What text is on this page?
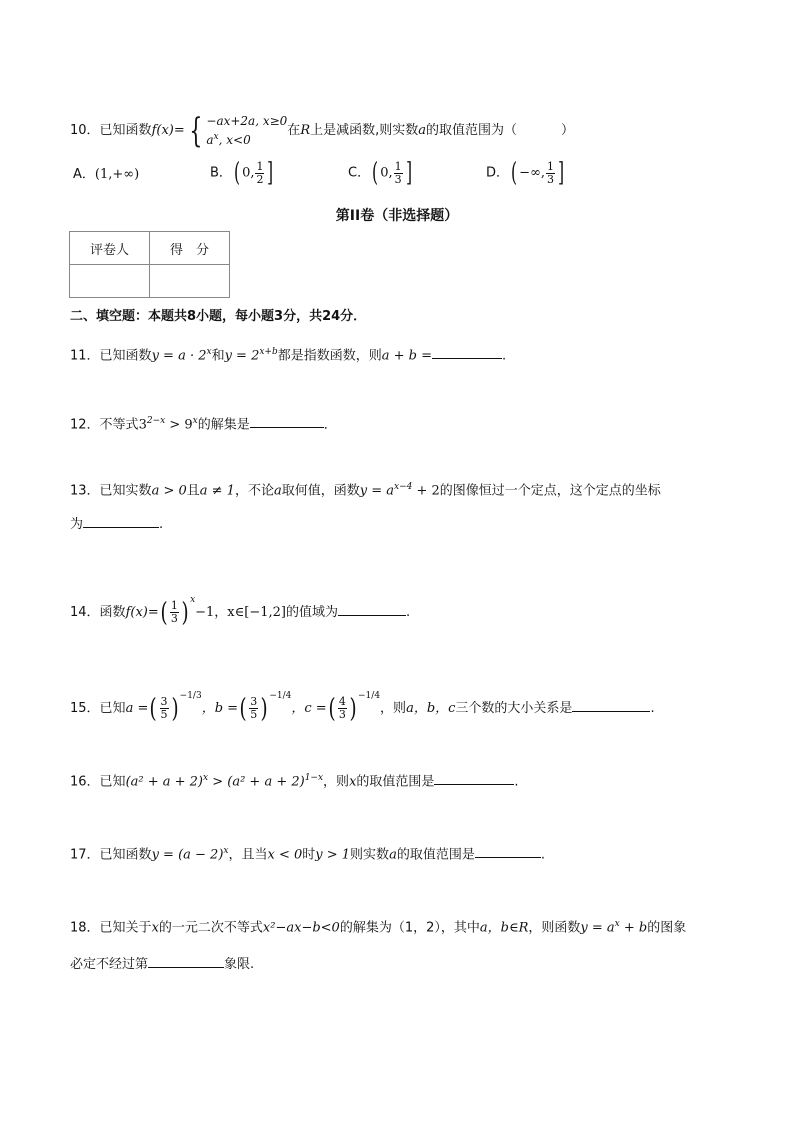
10．已知函数f(x)= { −ax+2a, x≥0
$a^x$, x<0
在R上是减函数,则实数a的取值范围为（	）
A．(1,+∞)	B．( 0, $\frac{1}{2}$ ]	C．( 0, $\frac{1}{3}$ ]	D．( −∞, $\frac{1}{3}$ ]
第II卷（非选择题）
评卷人	得　分

二、填空题：本题共8小题，每小题3分，共24分．
11．已知函数$y = a \cdot 2^x$和$y = 2^{x+b}$都是指数函数，则a + b =	.
12．不等式$3^{2-x} > 9^x$的解集是	．
13．已知实数a > 0且a ≠ 1，不论a取何值，函数$y = a^{x-4} + 2$的图像恒过一个定点，这个定点的坐标
为	.
14．函数$f(x)=( \frac{1}{3}$ ) $^x$−1，x∈[−1,2]的值域为	.
15．已知a =( $\frac{3}{5}$ ) $^{-1/3}$，b =( $\frac{3}{5}$ ) $^{-1/4}$，c =( $\frac{4}{3}$ ) $^{-1/4}$，则a，b，c三个数的大小关系是	.
16．已知$(a^2 + a + 2)^x > (a^2 + a + 2)^{1-x}$，则x的取值范围是	.
17．已知函数$y = (a - 2)^x$，且当x < 0时y > 1则实数a的取值范围是	.
18．已知关于x的一元二次不等式x²−ax−b<0的解集为（1，2），其中a，b∈R，则函数$y = a^x + b$的图象
必定不经过第	象限.
